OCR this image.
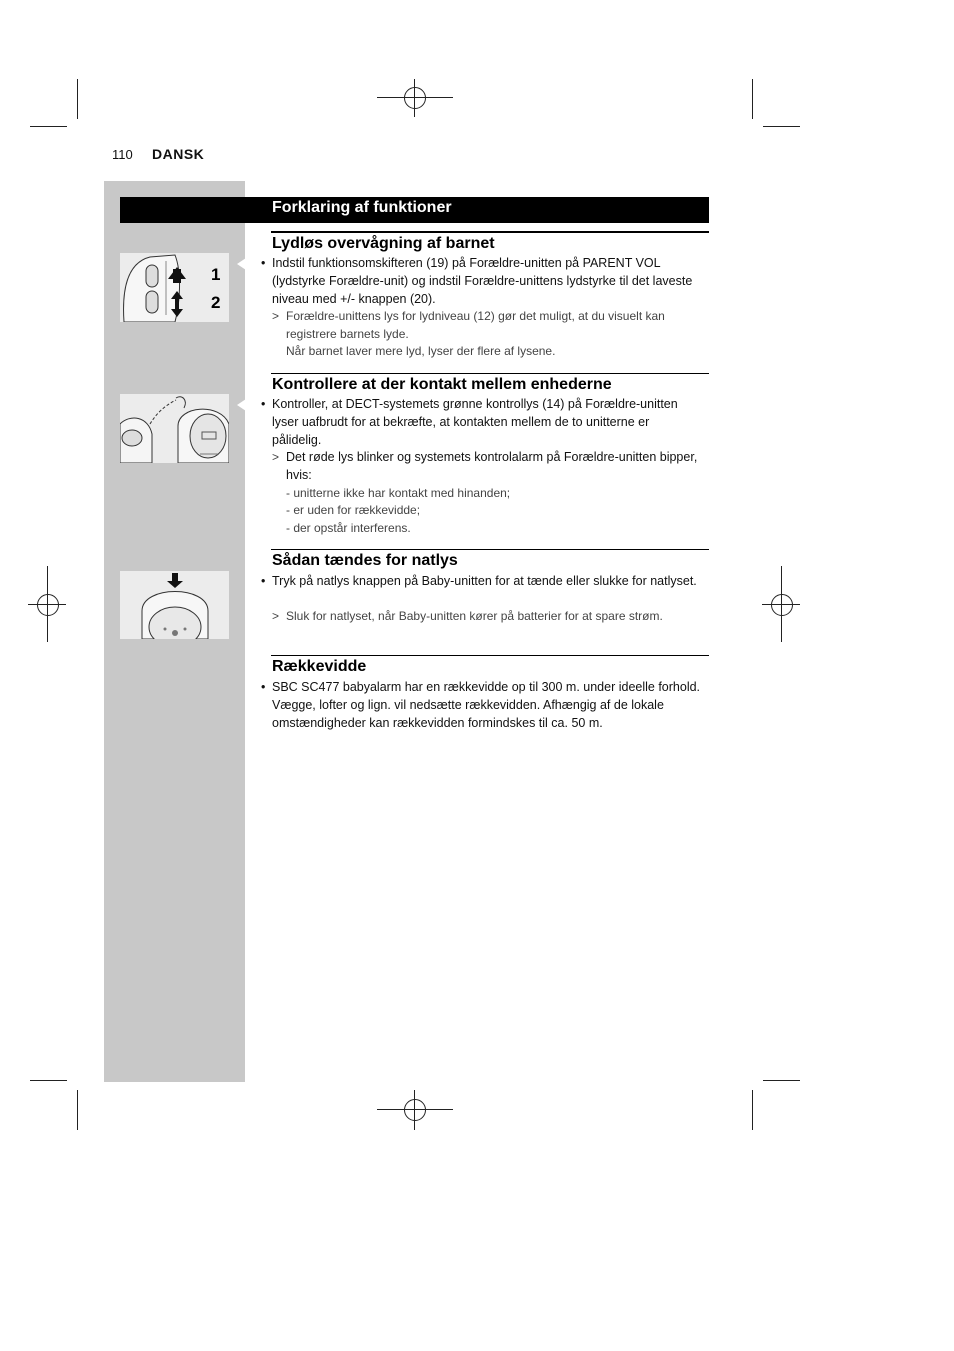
110 DANSK
Forklaring af funktioner
Lydløs overvågning af barnet
• Indstil funktionsomskifteren (19) på Forældre-unitten på PARENT VOL (lydstyrke Forældre-unit) og indstil Forældre-unittens lydstyrke til det laveste niveau med +/- knappen (20).
> Forældre-unittens lys for lydniveau (12) gør det muligt, at du visuelt kan registrere barnets lyde.
Når barnet laver mere lyd, lyser der flere af lysene.
1
2
Kontrollere at der kontakt mellem enhederne
• Kontroller, at DECT-systemets grønne kontrollys (14) på Forældre-unitten lyser uafbrudt for at bekræfte, at kontakten mellem de to unitterne er pålidelig.
> Det røde lys blinker og systemets kontrolalarm på Forældre-unitten bipper, hvis:
- unitterne ikke har kontakt med hinanden;
- er uden for rækkevidde;
- der opstår interferens.
Sådan tændes for natlys
• Tryk på natlys knappen på Baby-unitten for at tænde eller slukke for natlyset.
> Sluk for natlyset, når Baby-unitten kører på batterier for at spare strøm.
Rækkevidde
• SBC SC477 babyalarm har en rækkevidde op til 300 m. under ideelle forhold. Vægge, lofter og lign. vil nedsætte rækkevidden. Afhængig af de lokale omstændigheder kan rækkevidden formindskes til ca. 50 m.
